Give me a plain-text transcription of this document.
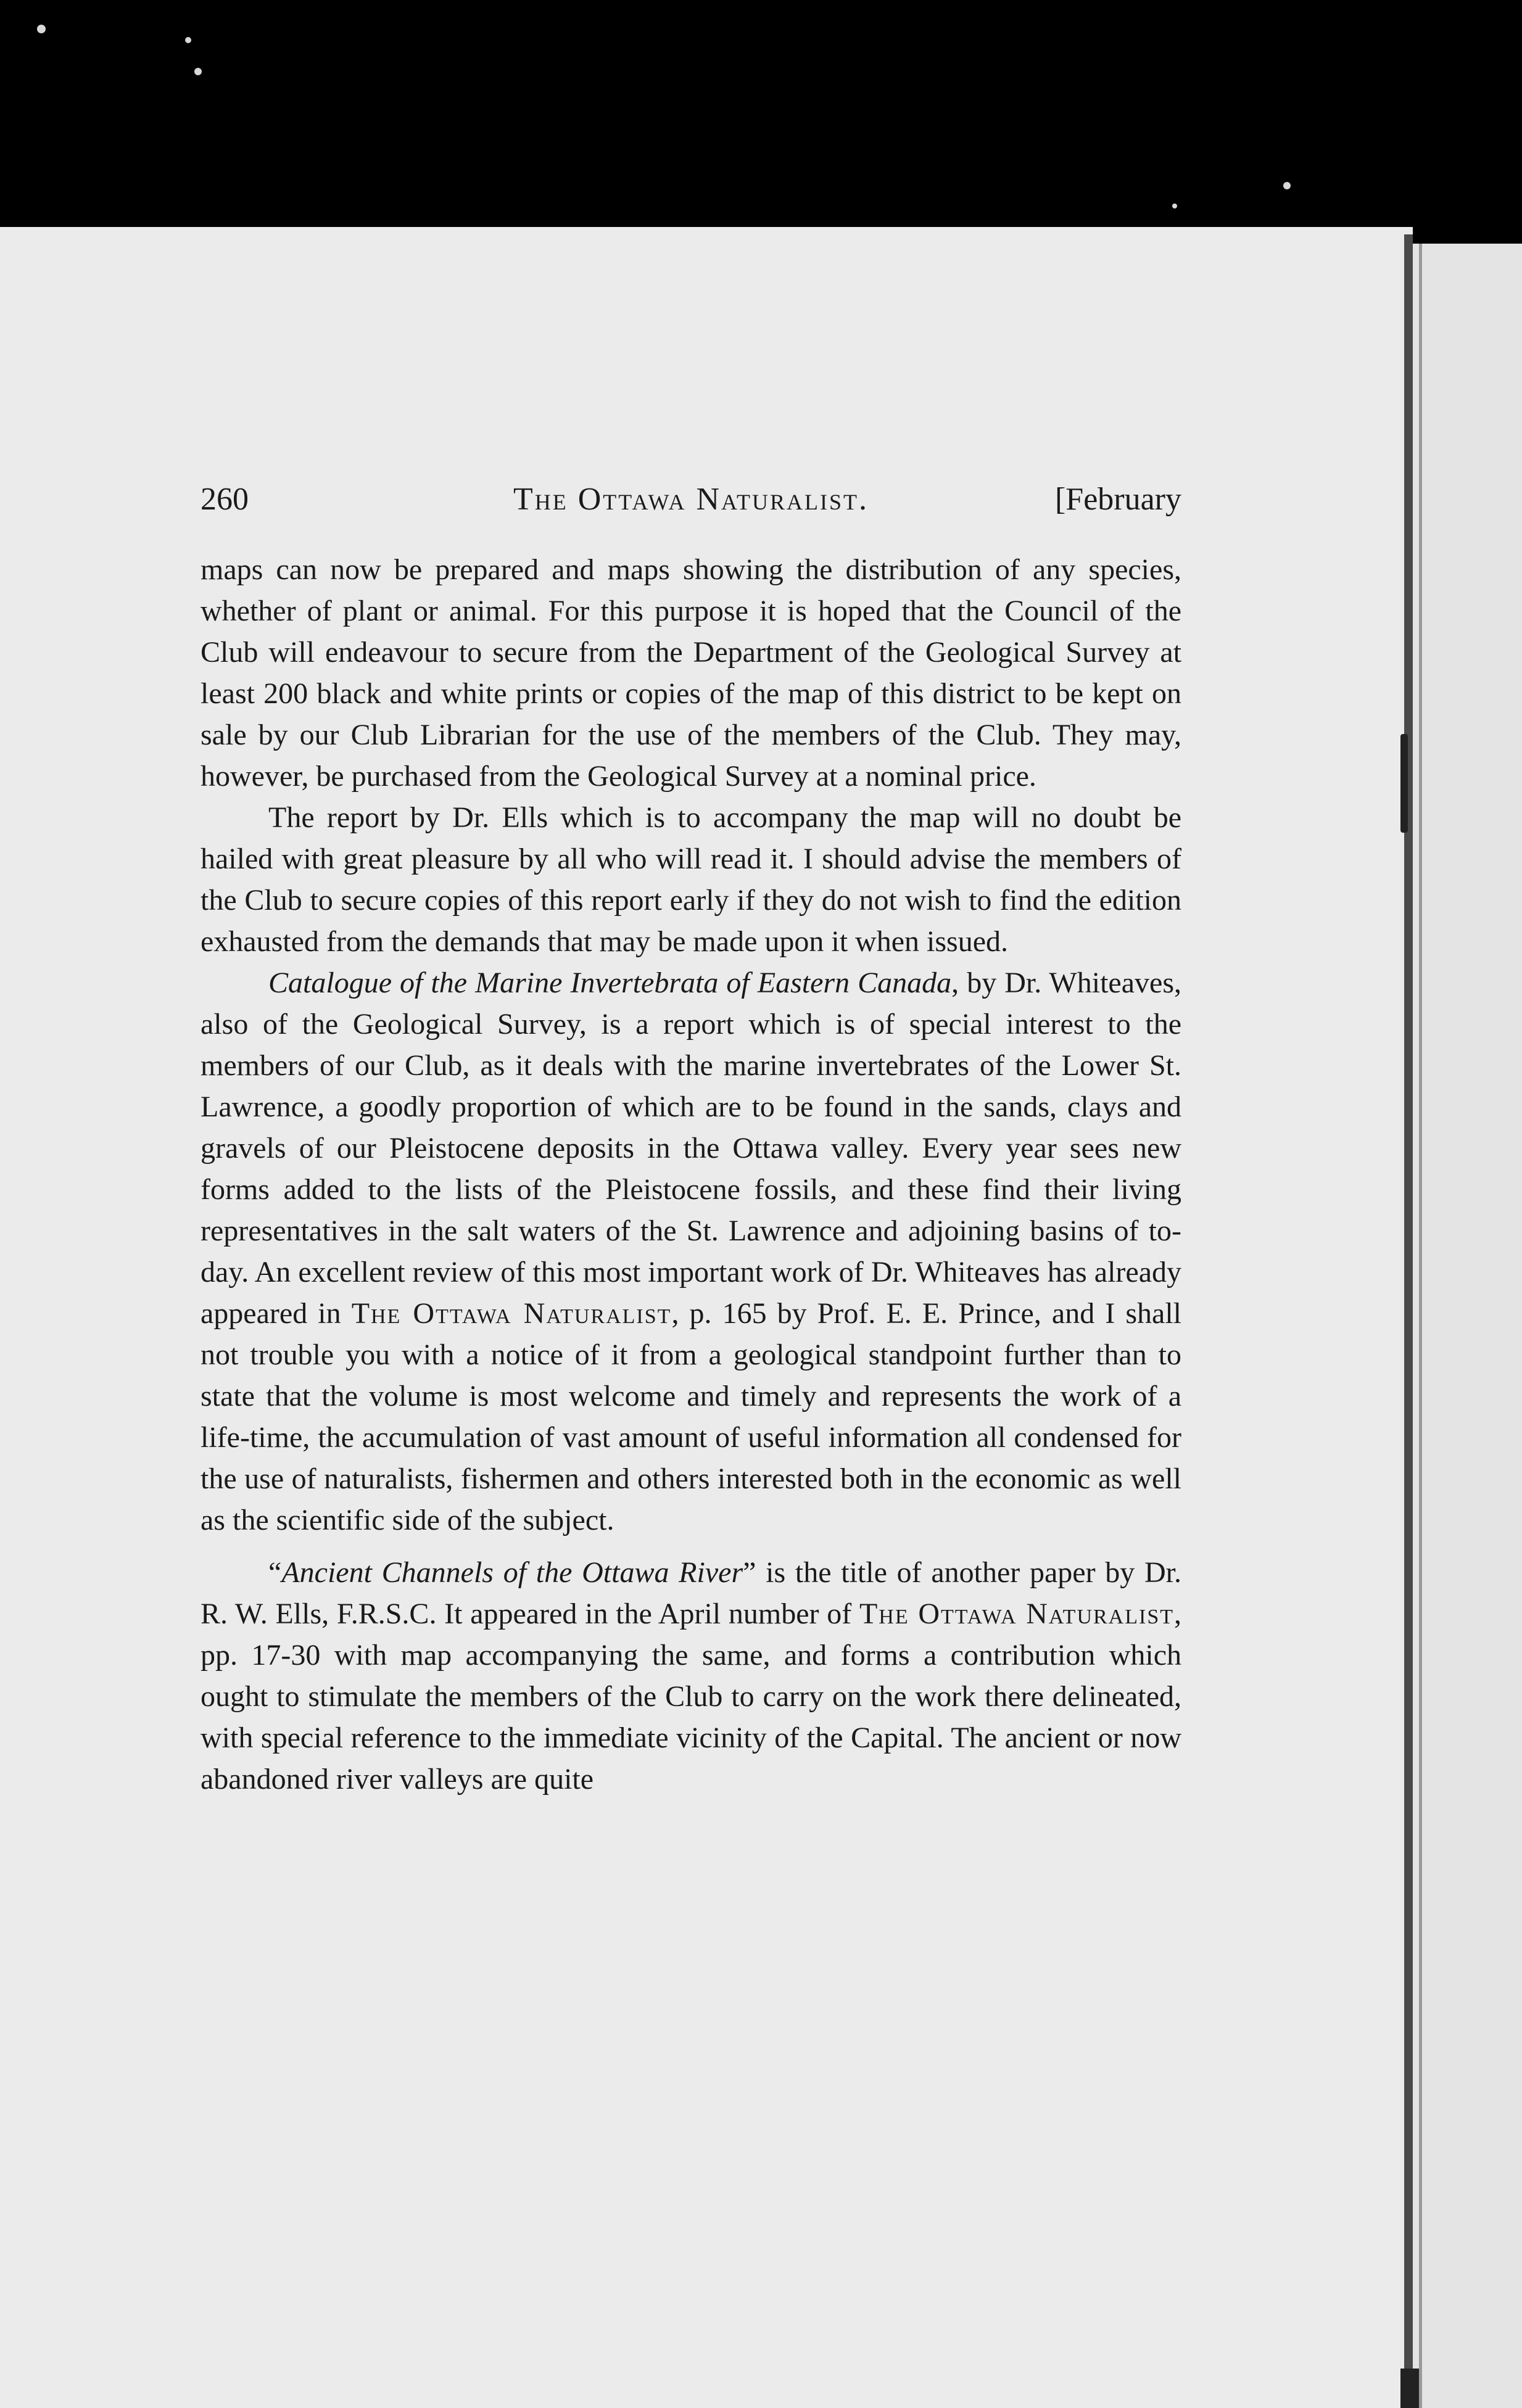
260	The Ottawa Naturalist.	[February

maps can now be prepared and maps showing the distribution of any species, whether of plant or animal. For this purpose it is hoped that the Council of the Club will endeavour to secure from the Department of the Geological Survey at least 200 black and white prints or copies of the map of this district to be kept on sale by our Club Librarian for the use of the members of the Club. They may, however, be purchased from the Geological Survey at a nominal price.

The report by Dr. Ells which is to accompany the map will no doubt be hailed with great pleasure by all who will read it. I should advise the members of the Club to secure copies of this report early if they do not wish to find the edition exhausted from the demands that may be made upon it when issued.

Catalogue of the Marine Invertebrata of Eastern Canada, by Dr. Whiteaves, also of the Geological Survey, is a report which is of special interest to the members of our Club, as it deals with the marine invertebrates of the Lower St. Lawrence, a goodly proportion of which are to be found in the sands, clays and gravels of our Pleistocene deposits in the Ottawa valley. Every year sees new forms added to the lists of the Pleistocene fossils, and these find their living representatives in the salt waters of the St. Lawrence and adjoining basins of to-day. An excellent review of this most important work of Dr. Whiteaves has already appeared in The Ottawa Naturalist, p. 165 by Prof. E. E. Prince, and I shall not trouble you with a notice of it from a geological standpoint further than to state that the volume is most welcome and timely and represents the work of a life-time, the accumulation of vast amount of useful information all condensed for the use of naturalists, fishermen and others interested both in the economic as well as the scientific side of the subject.

“Ancient Channels of the Ottawa River” is the title of another paper by Dr. R. W. Ells, F.R.S.C. It appeared in the April number of The Ottawa Naturalist, pp. 17-30 with map accompanying the same, and forms a contribution which ought to stimulate the members of the Club to carry on the work there delineated, with special reference to the immediate vicinity of the Capital. The ancient or now abandoned river valleys are quite
